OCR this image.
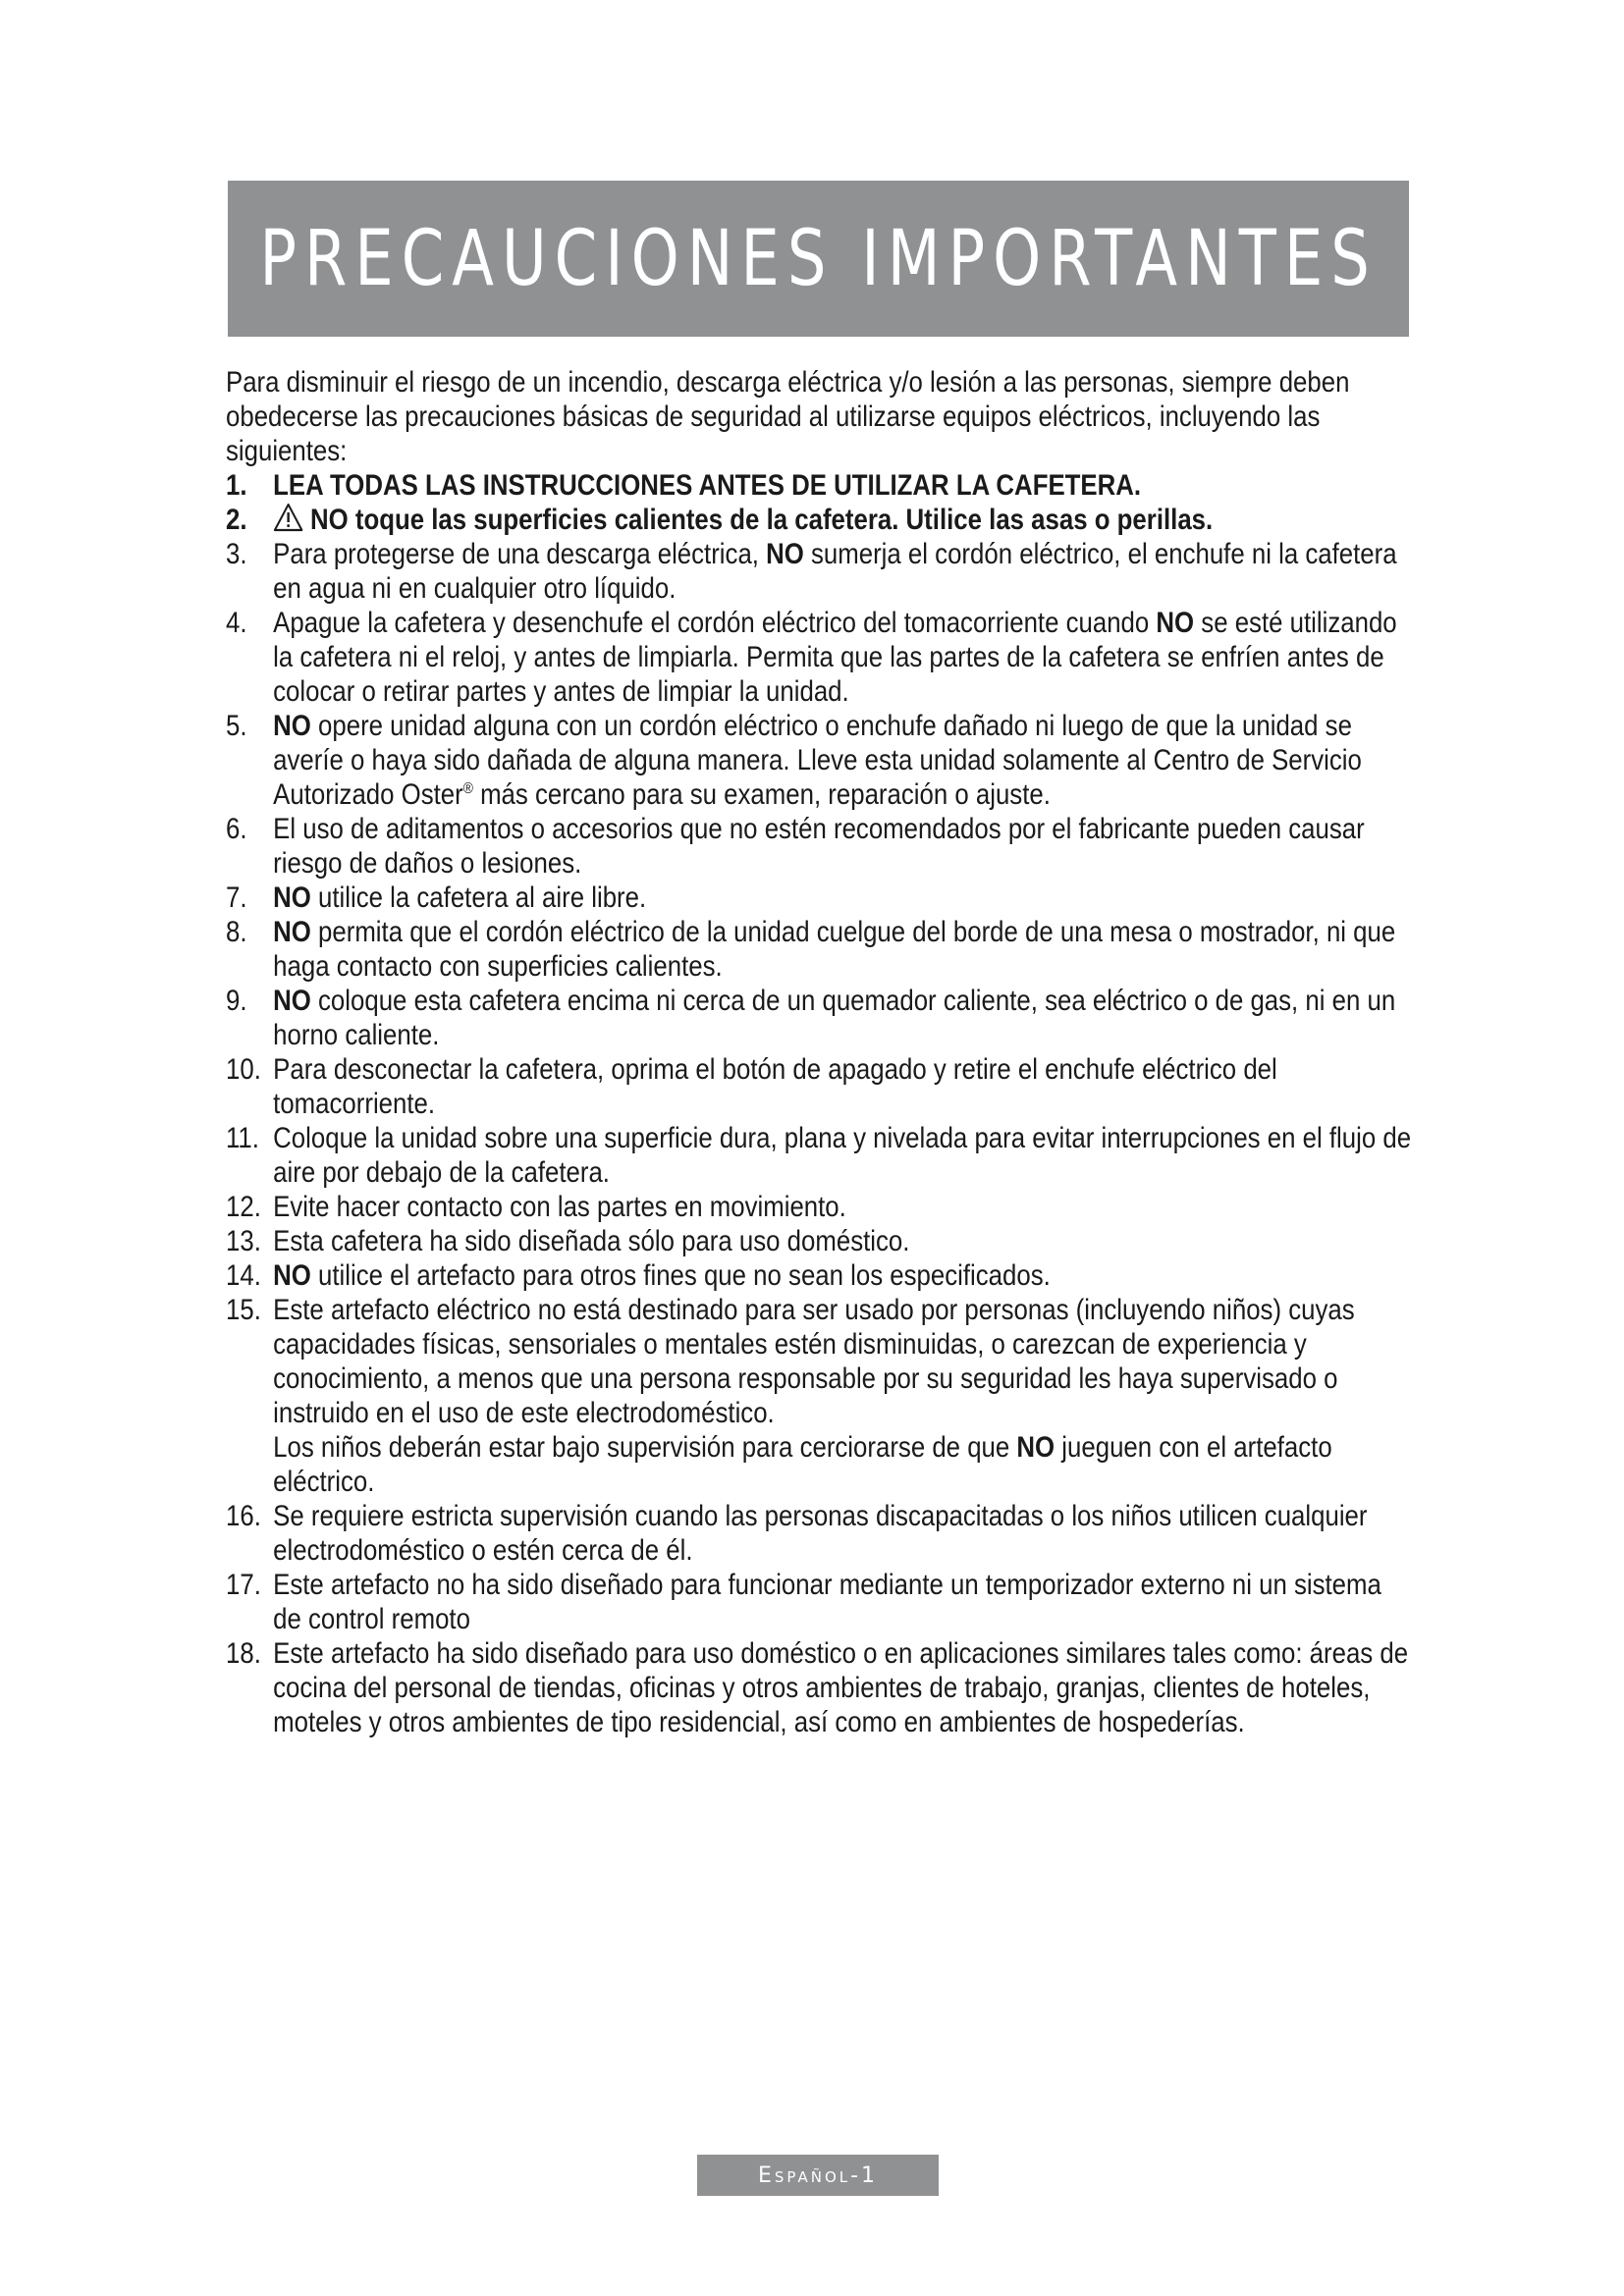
PRECAUCIONES IMPORTANTES

Para disminuir el riesgo de un incendio, descarga eléctrica y/o lesión a las personas, siempre deben obedecerse las precauciones básicas de seguridad al utilizarse equipos eléctricos, incluyendo las siguientes:

1. LEA TODAS LAS INSTRUCCIONES ANTES DE UTILIZAR LA CAFETERA.
2. NO toque las superficies calientes de la cafetera. Utilice las asas o perillas.
3. Para protegerse de una descarga eléctrica, NO sumerja el cordón eléctrico, el enchufe ni la cafetera en agua ni en cualquier otro líquido.
4. Apague la cafetera y desenchufe el cordón eléctrico del tomacorriente cuando NO se esté utilizando la cafetera ni el reloj, y antes de limpiarla. Permita que las partes de la cafetera se enfríen antes de colocar o retirar partes y antes de limpiar la unidad.
5. NO opere unidad alguna con un cordón eléctrico o enchufe dañado ni luego de que la unidad se averíe o haya sido dañada de alguna manera. Lleve esta unidad solamente al Centro de Servicio Autorizado Oster® más cercano para su examen, reparación o ajuste.
6. El uso de aditamentos o accesorios que no estén recomendados por el fabricante pueden causar riesgo de daños o lesiones.
7. NO utilice la cafetera al aire libre.
8. NO permita que el cordón eléctrico de la unidad cuelgue del borde de una mesa o mostrador, ni que haga contacto con superficies calientes.
9. NO coloque esta cafetera encima ni cerca de un quemador caliente, sea eléctrico o de gas, ni en un horno caliente.
10. Para desconectar la cafetera, oprima el botón de apagado y retire el enchufe eléctrico del tomacorriente.
11. Coloque la unidad sobre una superficie dura, plana y nivelada para evitar interrupciones en el flujo de aire por debajo de la cafetera.
12. Evite hacer contacto con las partes en movimiento.
13. Esta cafetera ha sido diseñada sólo para uso doméstico.
14. NO utilice el artefacto para otros fines que no sean los especificados.
15. Este artefacto eléctrico no está destinado para ser usado por personas (incluyendo niños) cuyas capacidades físicas, sensoriales o mentales estén disminuidas, o carezcan de experiencia y conocimiento, a menos que una persona responsable por su seguridad les haya supervisado o instruido en el uso de este electrodoméstico.
Los niños deberán estar bajo supervisión para cerciorarse de que NO jueguen con el artefacto eléctrico.
16. Se requiere estricta supervisión cuando las personas discapacitadas o los niños utilicen cualquier electrodoméstico o estén cerca de él.
17. Este artefacto no ha sido diseñado para funcionar mediante un temporizador externo ni un sistema de control remoto
18. Este artefacto ha sido diseñado para uso doméstico o en aplicaciones similares tales como: áreas de cocina del personal de tiendas, oficinas y otros ambientes de trabajo, granjas, clientes de hoteles, moteles y otros ambientes de tipo residencial, así como en ambientes de hospederías.
Español-1
